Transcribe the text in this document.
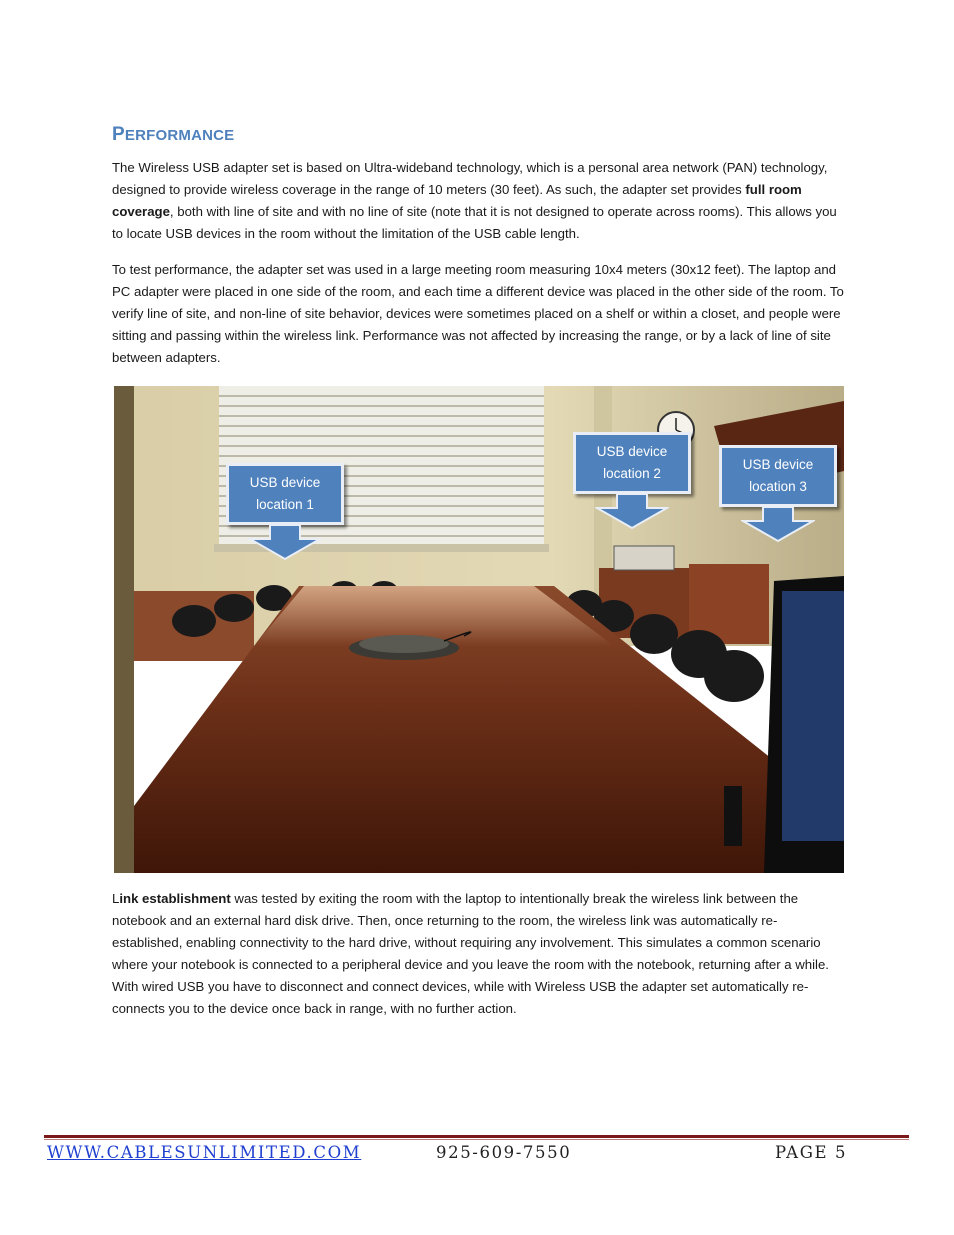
PERFORMANCE
The Wireless USB adapter set is based on Ultra-wideband technology, which is a personal area network (PAN) technology, designed to provide wireless coverage in the range of 10 meters (30 feet). As such, the adapter set provides full room coverage, both with line of site and with no line of site (note that it is not designed to operate across rooms). This allows you to locate USB devices in the room without the limitation of the USB cable length.
To test performance, the adapter set was used in a large meeting room measuring 10x4 meters (30x12 feet). The laptop and PC adapter were placed in one side of the room, and each time a different device was placed in the other side of the room. To verify line of site, and non-line of site behavior, devices were sometimes placed on a shelf or within a closet, and people were sitting and passing within the wireless link. Performance was not affected by increasing the range, or by a lack of line of site between adapters.
USB device
location 1
USB device
location 2
USB device
location 3
Link establishment was tested by exiting the room with the laptop to intentionally break the wireless link between the notebook and an external hard disk drive. Then, once returning to the room, the wireless link was automatically re-established, enabling connectivity to the hard drive, without requiring any involvement. This simulates a common scenario where your notebook is connected to a peripheral device and you leave the room with the notebook, returning after a while. With wired USB you have to disconnect and connect devices, while with Wireless USB the adapter set automatically re-connects you to the device once back in range, with no further action.
WWW.CABLESUNLIMITED.COM	925-609-7550	PAGE 5
